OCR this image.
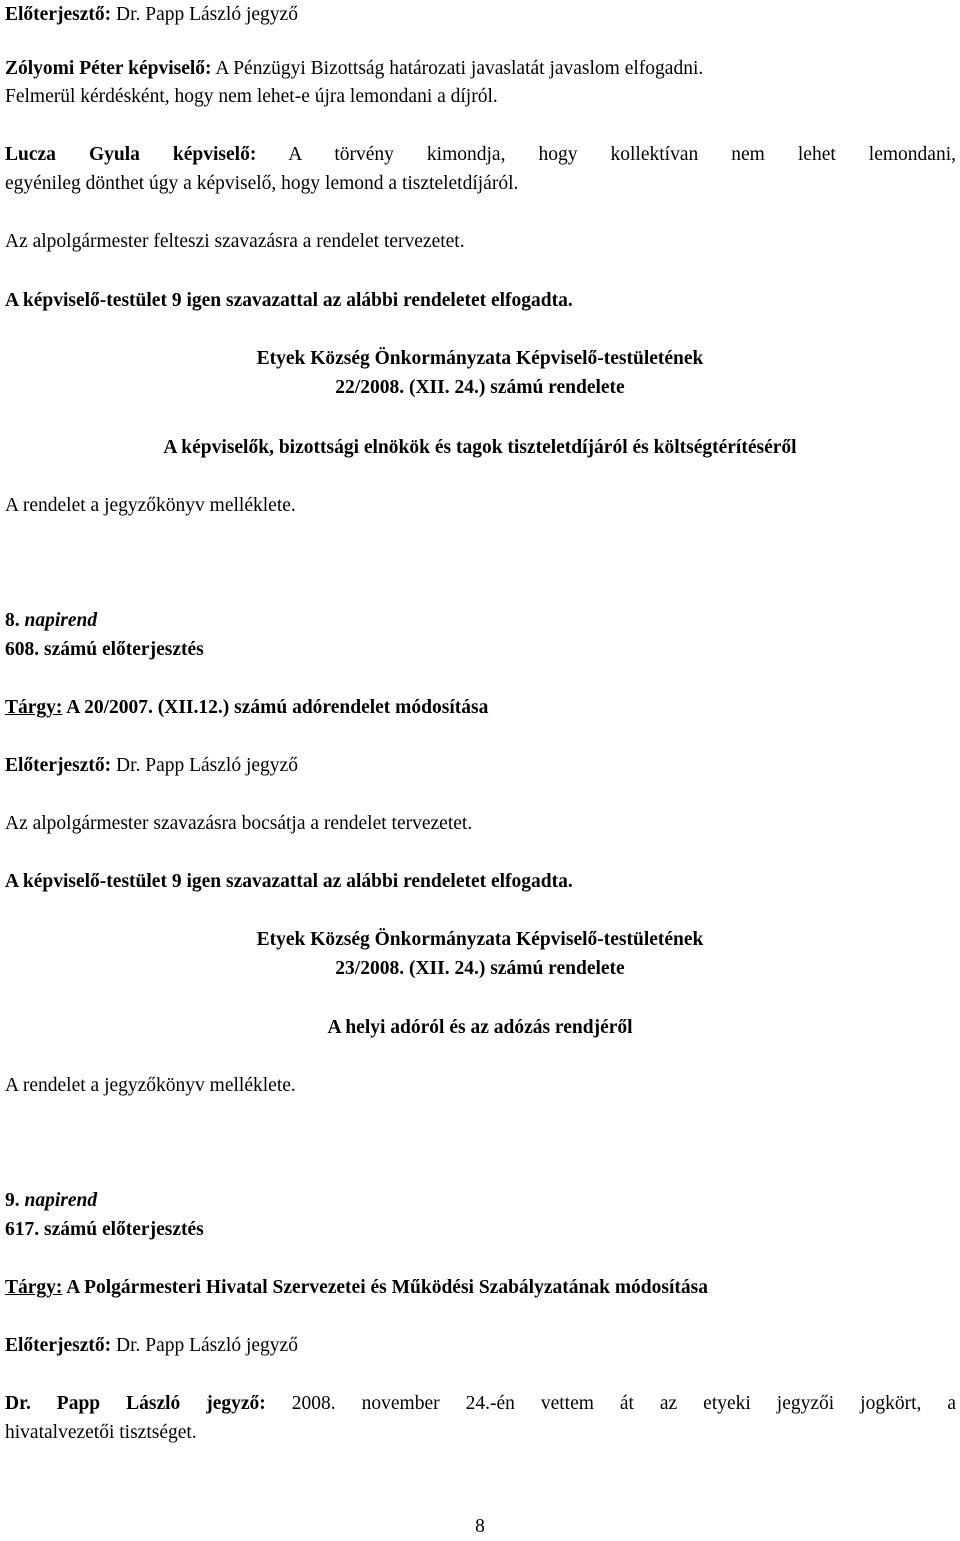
Előterjesztő: Dr. Papp László jegyző
Zólyomi Péter képviselő: A Pénzügyi Bizottság határozati javaslatát javaslom elfogadni.
Felmerül kérdésként, hogy nem lehet-e újra lemondani a díjról.
Lucza Gyula képviselő: A törvény kimondja, hogy kollektívan nem lehet lemondani,
egyénileg dönthet úgy a képviselő, hogy lemond a tiszteletdíjáról.
Az alpolgármester felteszi szavazásra a rendelet tervezetet.
A képviselő-testület 9 igen szavazattal az alábbi rendeletet elfogadta.
Etyek Község Önkormányzata Képviselő-testületének
22/2008. (XII. 24.) számú rendelete
A képviselők, bizottsági elnökök és tagok tiszteletdíjáról és költségtérítéséről
A rendelet a jegyzőkönyv melléklete.
8. napirend
608. számú előterjesztés
Tárgy: A 20/2007. (XII.12.) számú adórendelet módosítása
Előterjesztő: Dr. Papp László jegyző
Az alpolgármester szavazásra bocsátja a rendelet tervezetet.
A képviselő-testület 9 igen szavazattal az alábbi rendeletet elfogadta.
Etyek Község Önkormányzata Képviselő-testületének
23/2008. (XII. 24.) számú rendelete
A helyi adóról és az adózás rendjéről
A rendelet a jegyzőkönyv melléklete.
9. napirend
617. számú előterjesztés
Tárgy: A Polgármesteri Hivatal Szervezetei és Működési Szabályzatának módosítása
Előterjesztő: Dr. Papp László jegyző
Dr. Papp László jegyző: 2008. november 24.-én vettem át az etyeki jegyzői jogkört, a
hivatalvezetői tisztséget.
8
